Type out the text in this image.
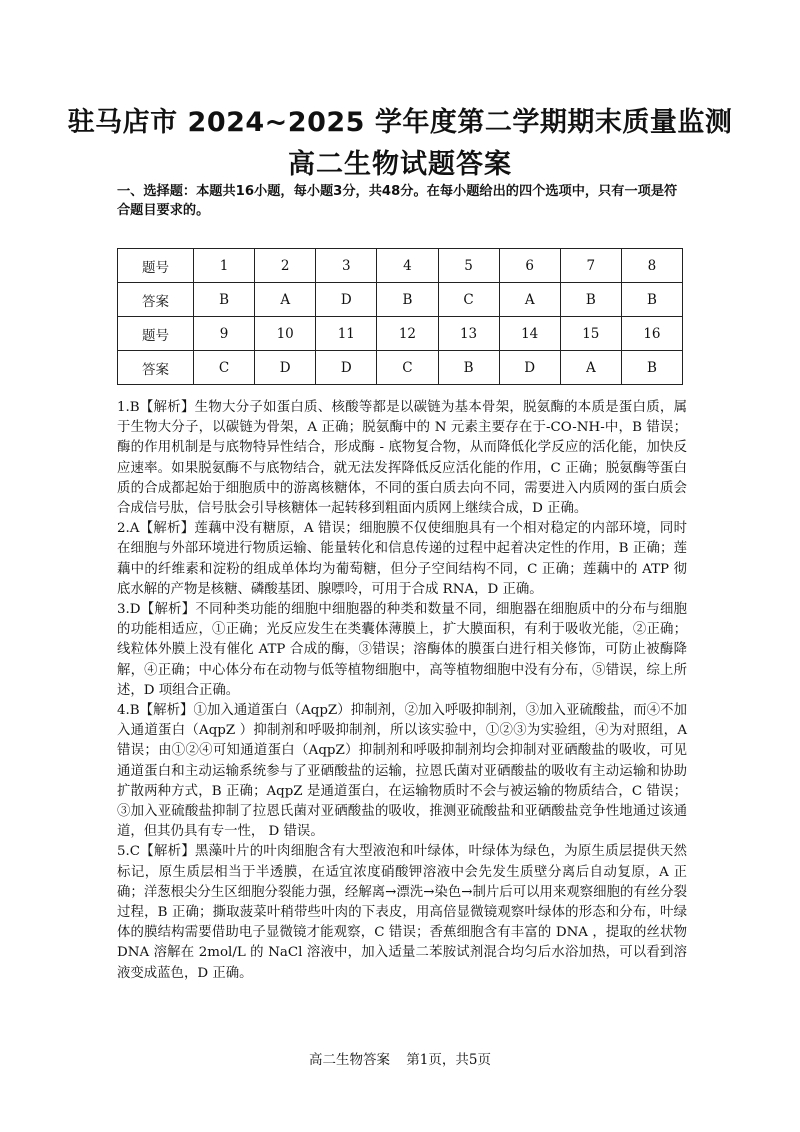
驻马店市 2024~2025 学年度第二学期期末质量监测
高二生物试题答案
一、选择题：本题共16小题，每小题3分，共48分。在每小题给出的四个选项中，只有一项是符合题目要求的。
题号	1	2	3	4	5	6	7	8
答案	B	A	D	B	C	A	B	B
题号	9	10	11	12	13	14	15	16
答案	C	D	D	C	B	D	A	B

1.B【解析】生物大分子如蛋白质、核酸等都是以碳链为基本骨架，脱氨酶的本质是蛋白质，属于生物大分子，以碳链为骨架，A 正确；脱氨酶中的 N 元素主要存在于-CO-NH-中，B 错误；酶的作用机制是与底物特异性结合，形成酶 - 底物复合物，从而降低化学反应的活化能，加快反应速率。如果脱氨酶不与底物结合，就无法发挥降低反应活化能的作用，C 正确；脱氨酶等蛋白质的合成都起始于细胞质中的游离核糖体，不同的蛋白质去向不同，需要进入内质网的蛋白质会合成信号肽，信号肽会引导核糖体一起转移到粗面内质网上继续合成，D 正确。

2.A【解析】莲藕中没有糖原，A 错误；细胞膜不仅使细胞具有一个相对稳定的内部环境，同时在细胞与外部环境进行物质运输、能量转化和信息传递的过程中起着决定性的作用，B 正确；莲藕中的纤维素和淀粉的组成单体均为葡萄糖，但分子空间结构不同，C 正确；莲藕中的 ATP 彻底水解的产物是核糖、磷酸基团、腺嘌呤，可用于合成 RNA，D 正确。

3.D【解析】不同种类功能的细胞中细胞器的种类和数量不同，细胞器在细胞质中的分布与细胞的功能相适应，①正确；光反应发生在类囊体薄膜上，扩大膜面积，有利于吸收光能，②正确；线粒体外膜上没有催化 ATP 合成的酶，③错误；溶酶体的膜蛋白进行相关修饰，可防止被酶降解，④正确；中心体分布在动物与低等植物细胞中，高等植物细胞中没有分布，⑤错误，综上所述，D 项组合正确。

4.B【解析】①加入通道蛋白（AqpZ）抑制剂，②加入呼吸抑制剂，③加入亚硫酸盐，而④不加入通道蛋白（AqpZ ）抑制剂和呼吸抑制剂，所以该实验中，①②③为实验组，④为对照组，A 错误；由①②④可知通道蛋白（AqpZ）抑制剂和呼吸抑制剂均会抑制对亚硒酸盐的吸收，可见通道蛋白和主动运输系统参与了亚硒酸盐的运输，拉恩氏菌对亚硒酸盐的吸收有主动运输和协助扩散两种方式，B 正确；AqpZ 是通道蛋白，在运输物质时不会与被运输的物质结合，C 错误；③加入亚硫酸盐抑制了拉恩氏菌对亚硒酸盐的吸收，推测亚硫酸盐和亚硒酸盐竞争性地通过该通道，但其仍具有专一性， D 错误。

5.C【解析】黑藻叶片的叶肉细胞含有大型液泡和叶绿体，叶绿体为绿色，为原生质层提供天然标记，原生质层相当于半透膜，在适宜浓度硝酸钾溶液中会先发生质壁分离后自动复原，A 正确；洋葱根尖分生区细胞分裂能力强，经解离→漂洗→染色→制片后可以用来观察细胞的有丝分裂过程，B 正确；撕取菠菜叶稍带些叶肉的下表皮，用高倍显微镜观察叶绿体的形态和分布，叶绿体的膜结构需要借助电子显微镜才能观察，C 错误；香蕉细胞含有丰富的 DNA ，提取的丝状物 DNA 溶解在 2mol/L 的 NaCl 溶液中，加入适量二苯胺试剂混合均匀后水浴加热，可以看到溶液变成蓝色，D 正确。

高二生物答案 第1页，共5页
